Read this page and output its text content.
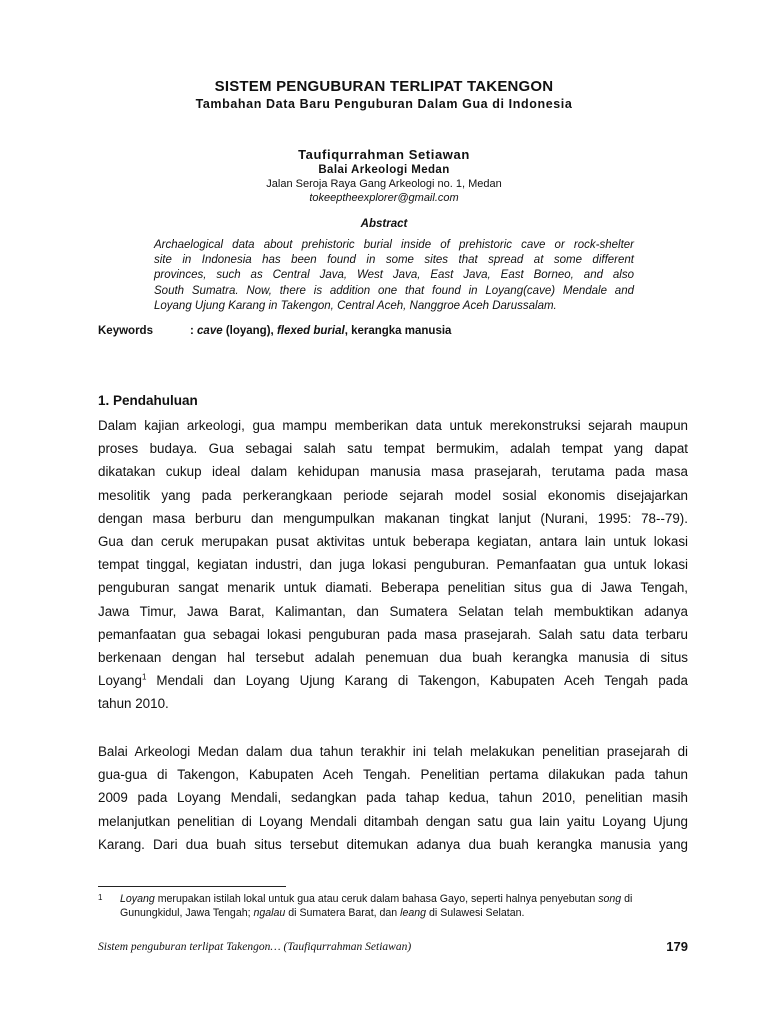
SISTEM PENGUBURAN TERLIPAT TAKENGON
Tambahan Data Baru Penguburan Dalam Gua di Indonesia
Taufiqurrahman Setiawan
Balai Arkeologi Medan
Jalan Seroja Raya Gang Arkeologi no. 1, Medan
tokeeptheexplorer@gmail.com
Abstract

Archaelogical data about prehistoric burial inside of prehistoric cave or rock-shelter
site in Indonesia has been found in some sites that spread at some different
provinces, such as Central Java, West Java, East Java, East Borneo, and also
South Sumatra. Now, there is addition one that found in Loyang(cave) Mendale and
Loyang Ujung Karang in Takengon, Central Aceh, Nanggroe Aceh Darussalam.

Keywords	: cave (loyang), flexed burial, kerangka manusia
1. Pendahuluan

Dalam kajian arkeologi, gua mampu memberikan data untuk merekonstruksi sejarah maupun
proses budaya. Gua sebagai salah satu tempat bermukim, adalah tempat yang dapat
dikatakan cukup ideal dalam kehidupan manusia masa prasejarah, terutama pada masa
mesolitik yang pada perkerangkaan periode sejarah model sosial ekonomis disejajarkan
dengan masa berburu dan mengumpulkan makanan tingkat lanjut (Nurani, 1995: 78--79).
Gua dan ceruk merupakan pusat aktivitas untuk beberapa kegiatan, antara lain untuk lokasi
tempat tinggal, kegiatan industri, dan juga lokasi penguburan. Pemanfaatan gua untuk lokasi
penguburan sangat menarik untuk diamati. Beberapa penelitian situs gua di Jawa Tengah,
Jawa Timur, Jawa Barat, Kalimantan, dan Sumatera Selatan telah membuktikan adanya
pemanfaatan gua sebagai lokasi penguburan pada masa prasejarah. Salah satu data terbaru
berkenaan dengan hal tersebut adalah penemuan dua buah kerangka manusia di situs
Loyang$^1$ Mendali dan Loyang Ujung Karang di Takengon, Kabupaten Aceh Tengah pada
tahun 2010.

Balai Arkeologi Medan dalam dua tahun terakhir ini telah melakukan penelitian prasejarah di
gua-gua di Takengon, Kabupaten Aceh Tengah. Penelitian pertama dilakukan pada tahun
2009 pada Loyang Mendali, sedangkan pada tahap kedua, tahun 2010, penelitian masih
melanjutkan penelitian di Loyang Mendali ditambah dengan satu gua lain yaitu Loyang Ujung
Karang. Dari dua buah situs tersebut ditemukan adanya dua buah kerangka manusia yang

1 Loyang merupakan istilah lokal untuk gua atau ceruk dalam bahasa Gayo, seperti halnya penyebutan song di
Gunungkidul, Jawa Tengah; ngalau di Sumatera Barat, dan leang di Sulawesi Selatan.

Sistem penguburan terlipat Takengon… (Taufiqurrahman Setiawan)	179
